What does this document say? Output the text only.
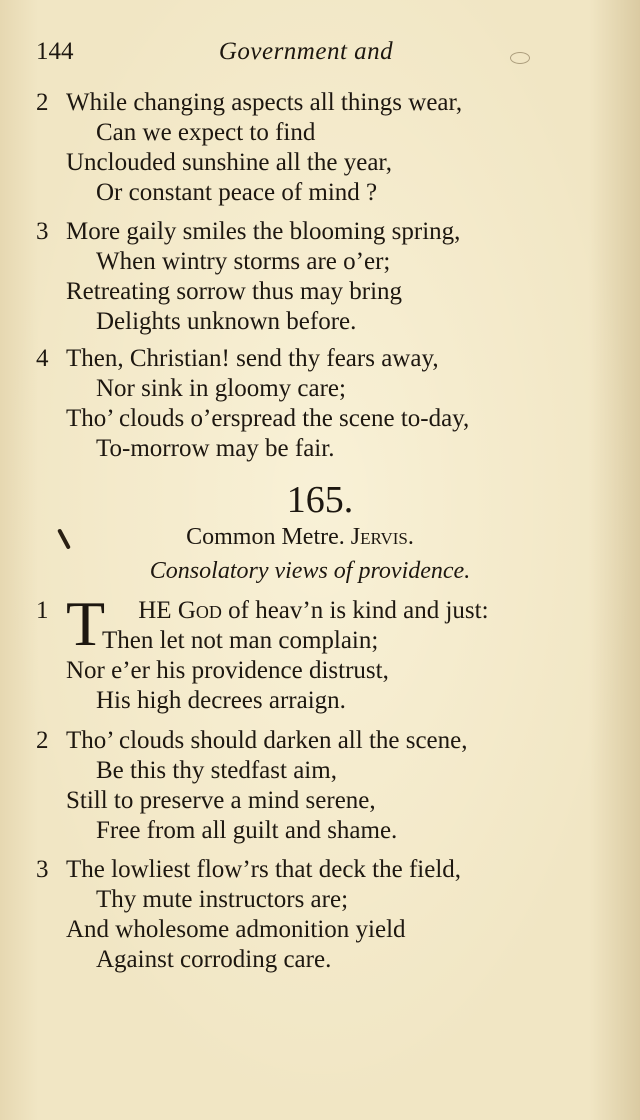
144	Government and
2 While changing aspects all things wear,
Can we expect to find
Unclouded sunshine all the year,
Or constant peace of mind ?
3 More gaily smiles the blooming spring,
When wintry storms are o’er;
Retreating sorrow thus may bring
Delights unknown before.
4 Then, Christian! send thy fears away,
Nor sink in gloomy care;
Tho’ clouds o’erspread the scene to-day,
To-morrow may be fair.
165.
Common Metre. Jervis.
Consolatory views of providence.
1 T HE God of heav’n is kind and just:
Then let not man complain;
Nor e’er his providence distrust,
His high decrees arraign.
2 Tho’ clouds should darken all the scene,
Be this thy stedfast aim,
Still to preserve a mind serene,
Free from all guilt and shame.
3 The lowliest flow’rs that deck the field,
Thy mute instructors are;
And wholesome admonition yield
Against corroding care.
